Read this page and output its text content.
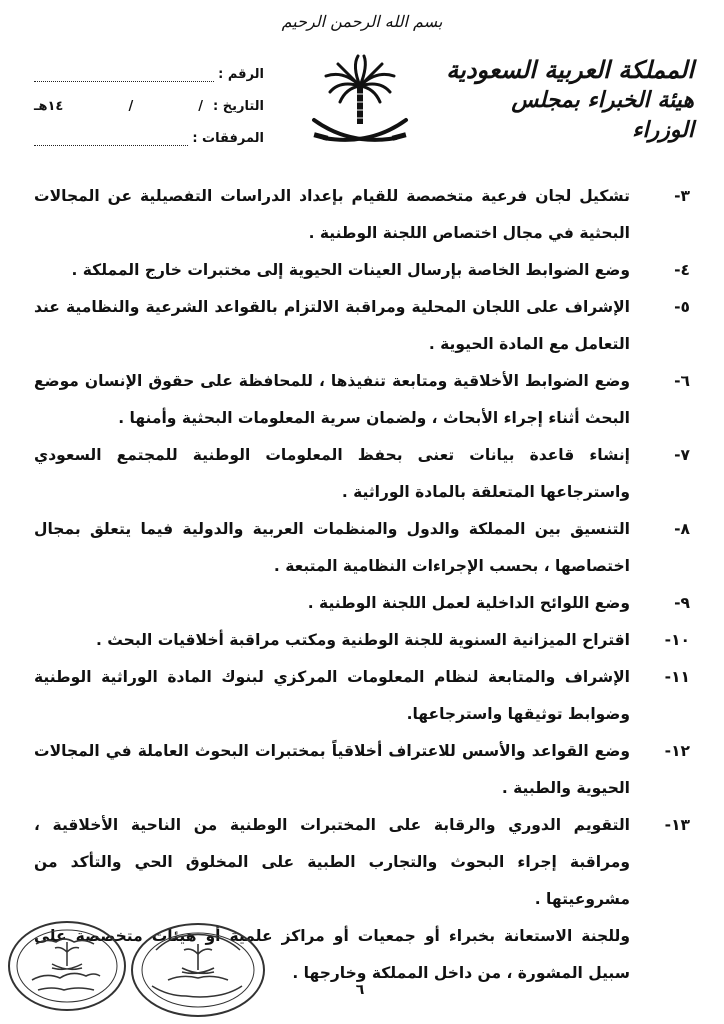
بسم الله الرحمن الرحيم
المملكة العربية السعودية
هيئة الخبراء بمجلس الوزراء
الرقم :
التاريخ :
/
/
١٤هـ
المرفقات :
٣-
تشكيل لجان فرعية متخصصة للقيام بإعداد الدراسات التفصيلية عن المجالات البحثية في مجال اختصاص اللجنة الوطنية .
٤-
وضع الضوابط الخاصة بإرسال العينات الحيوية إلى مختبرات خارج المملكة .
٥-
الإشراف على اللجان المحلية ومراقبة الالتزام بالقواعد الشرعية والنظامية عند التعامل مع المادة الحيوية .
٦-
وضع الضوابط الأخلاقية ومتابعة تنفيذها ، للمحافظة على حقوق الإنسان موضع البحث أثناء إجراء الأبحاث ، ولضمان سرية المعلومات البحثية وأمنها .
٧-
إنشاء قاعدة بيانات تعنى بحفظ المعلومات الوطنية للمجتمع السعودي واسترجاعها المتعلقة بالمادة الوراثية .
٨-
التنسيق بين المملكة والدول والمنظمات العربية والدولية فيما يتعلق بمجال اختصاصها ، بحسب الإجراءات النظامية المتبعة .
٩-
وضع اللوائح الداخلية لعمل اللجنة الوطنية .
١٠-
اقتراح الميزانية السنوية للجنة الوطنية ومكتب مراقبة أخلاقيات البحث .
١١-
الإشراف والمتابعة لنظام المعلومات المركزي لبنوك المادة الوراثية الوطنية وضوابط توثيقها واسترجاعها.
١٢-
وضع القواعد والأسس للاعتراف أخلاقياً بمختبرات البحوث العاملة في المجالات الحيوية والطبية .
١٣-
التقويم الدوري والرقابة على المختبرات الوطنية من الناحية الأخلاقية ، ومراقبة إجراء البحوث والتجارب الطبية على المخلوق الحي والتأكد من مشروعيتها .
وللجنة الاستعانة بخبراء أو جمعيات أو مراكز علمية أو هيئات متخصصة على سبيل المشورة ، من داخل المملكة وخارجها .
٦
